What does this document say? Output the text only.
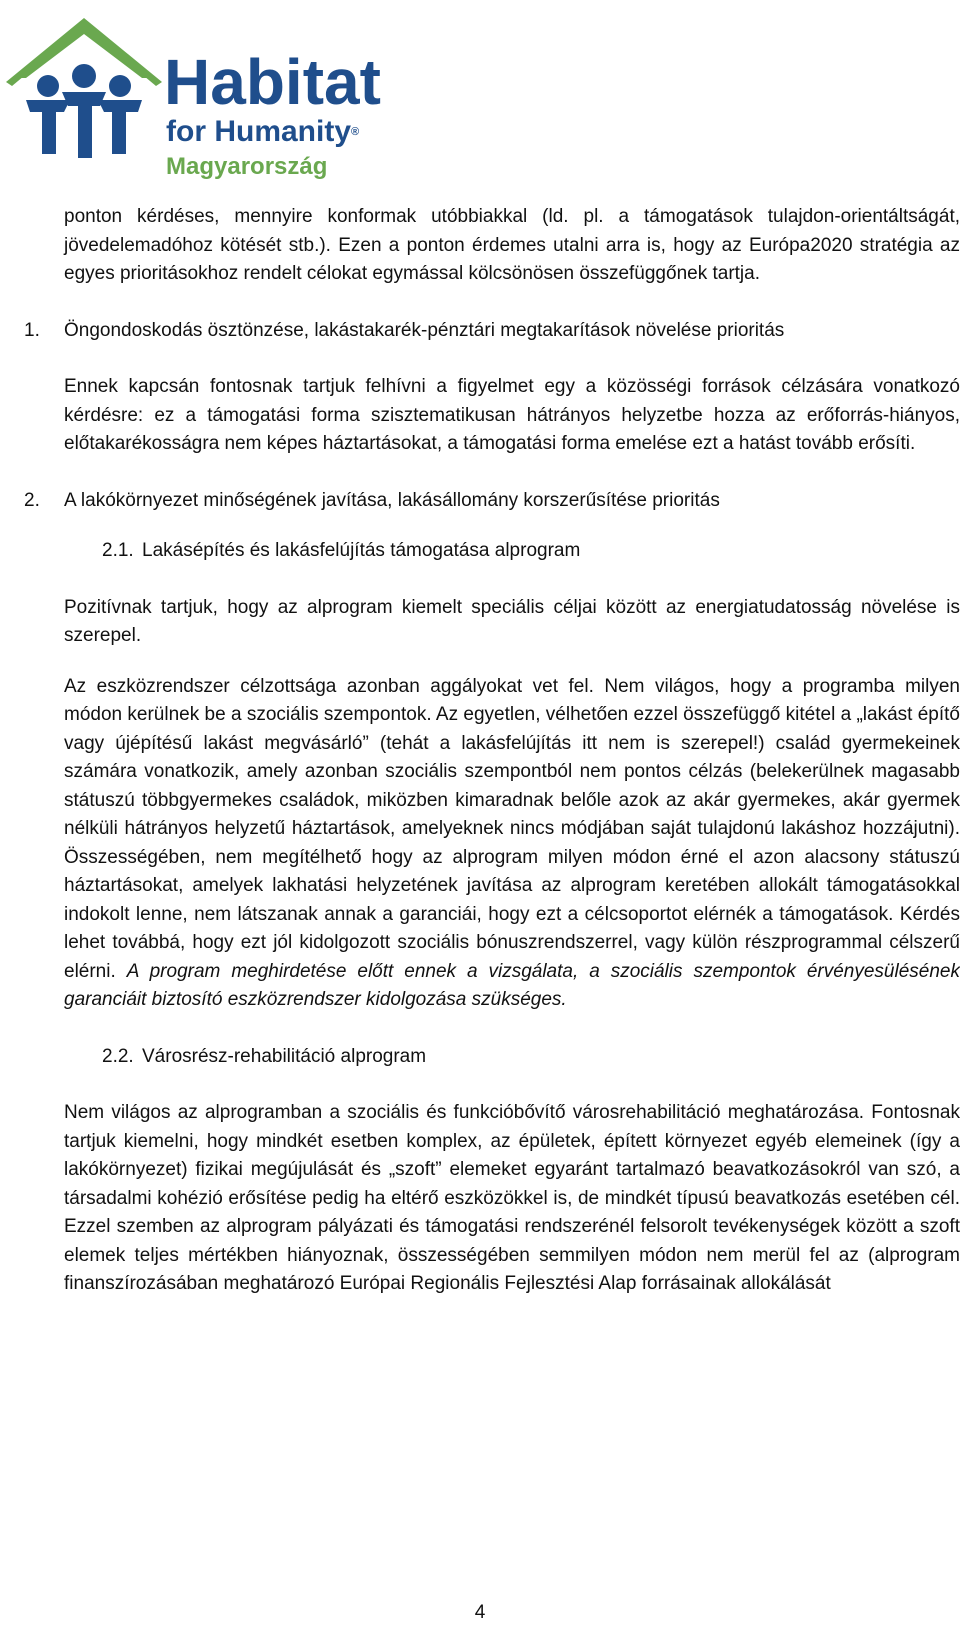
Habitat
for Humanity®
Magyarország

ponton kérdéses, mennyire konformak utóbbiakkal (ld. pl. a támogatások tulajdon-orientáltságát, jövedelemadóhoz kötését stb.). Ezen a ponton érdemes utalni arra is, hogy az Európa2020 stratégia az egyes prioritásokhoz rendelt célokat egymással kölcsönösen összefüggőnek tartja.

1. Öngondoskodás ösztönzése, lakástakarék-pénztári megtakarítások növelése prioritás

Ennek kapcsán fontosnak tartjuk felhívni a figyelmet egy a közösségi források célzására vonatkozó kérdésre: ez a támogatási forma szisztematikusan hátrányos helyzetbe hozza az erőforrás-hiányos, előtakarékosságra nem képes háztartásokat, a támogatási forma emelése ezt a hatást tovább erősíti.

2. A lakókörnyezet minőségének javítása, lakásállomány korszerűsítése prioritás

2.1. Lakásépítés és lakásfelújítás támogatása alprogram

Pozitívnak tartjuk, hogy az alprogram kiemelt speciális céljai között az energiatudatosság növelése is szerepel.

Az eszközrendszer célzottsága azonban aggályokat vet fel. Nem világos, hogy a programba milyen módon kerülnek be a szociális szempontok. Az egyetlen, vélhetően ezzel összefüggő kitétel a „lakást építő vagy újépítésű lakást megvásárló” (tehát a lakásfelújítás itt nem is szerepel!) család gyermekeinek számára vonatkozik, amely azonban szociális szempontból nem pontos célzás (belekerülnek magasabb státuszú többgyermekes családok, miközben kimaradnak belőle azok az akár gyermekes, akár gyermek nélküli hátrányos helyzetű háztartások, amelyeknek nincs módjában saját tulajdonú lakáshoz hozzájutni). Összességében, nem megítélhető hogy az alprogram milyen módon érné el azon alacsony státuszú háztartásokat, amelyek lakhatási helyzetének javítása az alprogram keretében allokált támogatásokkal indokolt lenne, nem látszanak annak a garanciái, hogy ezt a célcsoportot elérnék a támogatások. Kérdés lehet továbbá, hogy ezt jól kidolgozott szociális bónuszrendszerrel, vagy külön részprogrammal célszerű elérni. A program meghirdetése előtt ennek a vizsgálata, a szociális szempontok érvényesülésének garanciáit biztosító eszközrendszer kidolgozása szükséges.

2.2. Városrész-rehabilitáció alprogram

Nem világos az alprogramban a szociális és funkcióbővítő városrehabilitáció meghatározása. Fontosnak tartjuk kiemelni, hogy mindkét esetben komplex, az épületek, épített környezet egyéb elemeinek (így a lakókörnyezet) fizikai megújulását és „szoft” elemeket egyaránt tartalmazó beavatkozásokról van szó, a társadalmi kohézió erősítése pedig ha eltérő eszközökkel is, de mindkét típusú beavatkozás esetében cél. Ezzel szemben az alprogram pályázati és támogatási rendszerénél felsorolt tevékenységek között a szoft elemek teljes mértékben hiányoznak, összességében semmilyen módon nem merül fel az (alprogram finanszírozásában meghatározó Európai Regionális Fejlesztési Alap forrásainak allokálását

4
